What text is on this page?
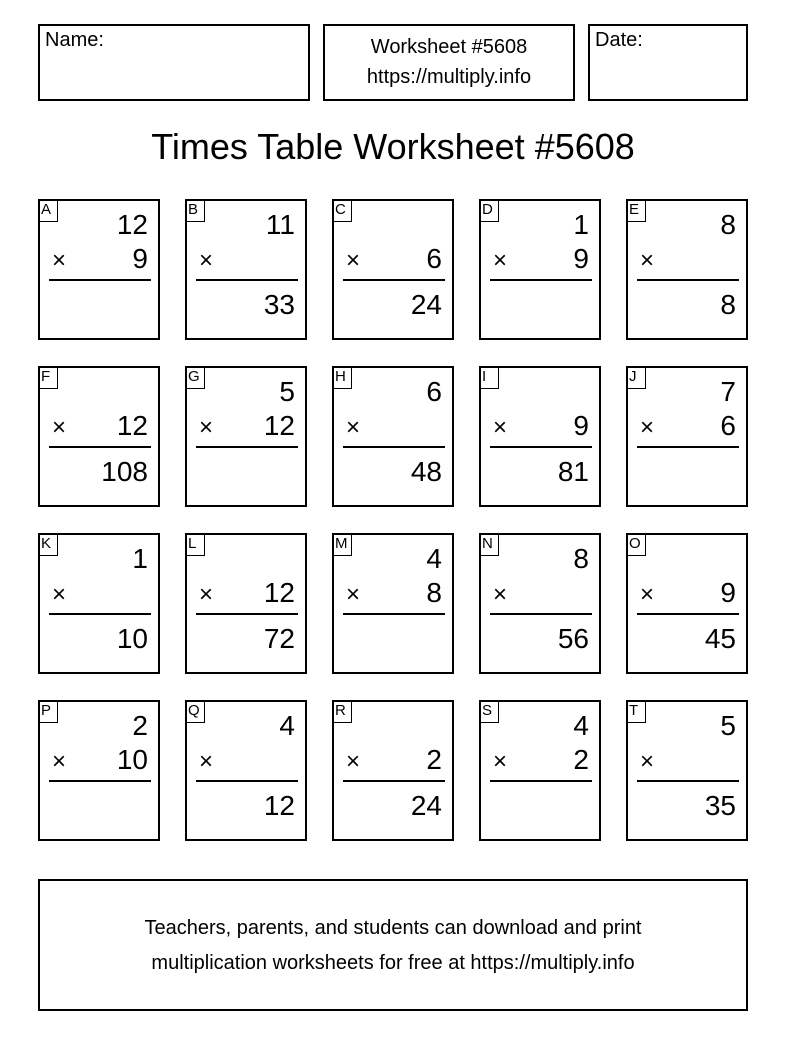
Name:	Worksheet #5608
https://multiply.info
Date:
Times Table Worksheet #5608
A 12
× 9
B 11
×
33
C
× 6
24
D	1
× 9
E	8
×
8
F
× 12
108
G	5
× 12
H	6
×
48
I
× 9
81
J	7
× 6
K	1
×
10
L
× 12
72
M	4
× 8
N	8
×
56
O
× 9
45
P	2
× 10
Q	4
×
12
R
× 2
24
S	4
× 2
T	5
×
35
Teachers, parents, and students can download and print
multiplication worksheets for free at https://multiply.info
